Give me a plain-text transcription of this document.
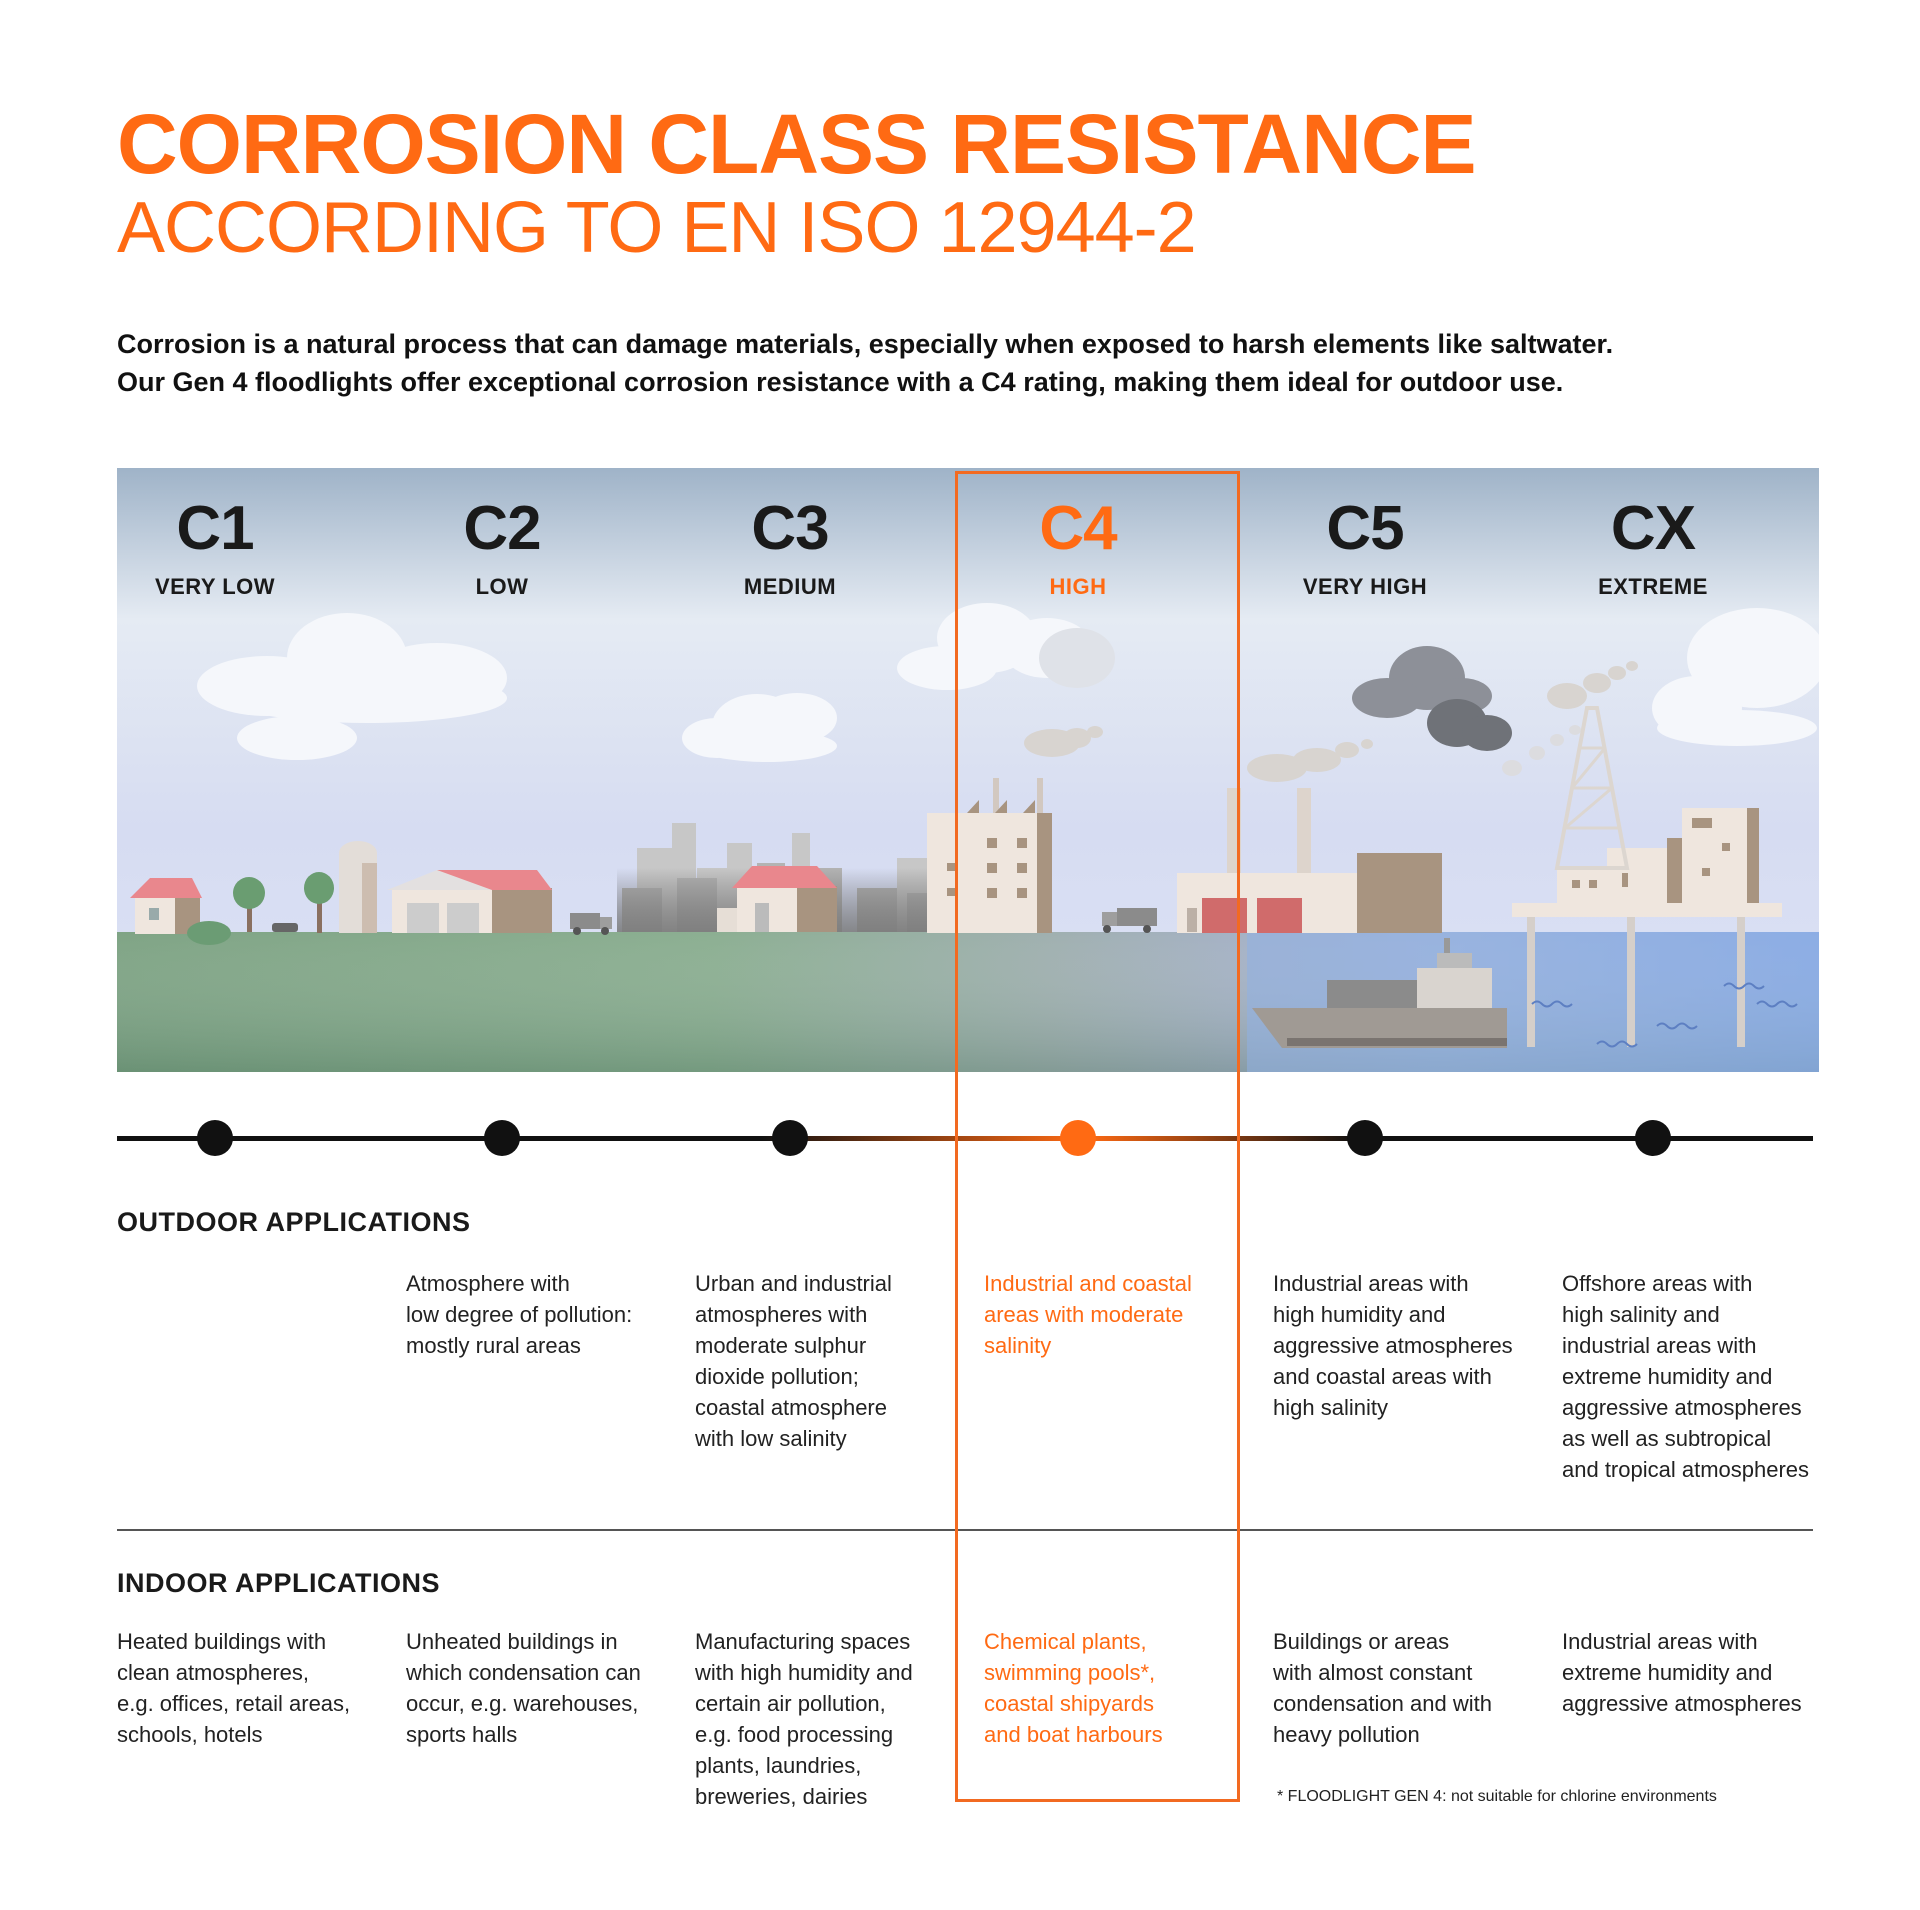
CORROSION CLASS RESISTANCE
ACCORDING TO EN ISO 12944-2

Corrosion is a natural process that can damage materials, especially when exposed to harsh elements like saltwater.

Our Gen 4 floodlights offer exceptional corrosion resistance with a C4 rating, making them ideal for outdoor use.

C1
VERY LOW
C2
LOW
C3
MEDIUM
C4
HIGH
C5
VERY HIGH
CX
EXTREME
OUTDOOR APPLICATIONS
Atmosphere with
low degree of pollution:
mostly rural areas
Urban and industrial
atmospheres with
moderate sulphur
dioxide pollution;
coastal atmosphere
with low salinity
Industrial and coastal
areas with moderate
salinity
Industrial areas with
high humidity and
aggressive atmospheres
and coastal areas with
high salinity
Offshore areas with
high salinity and
industrial areas with
extreme humidity and
aggressive atmospheres
as well as subtropical
and tropical atmospheres
INDOOR APPLICATIONS
Heated buildings with
clean atmospheres,
e.g. offices, retail areas,
schools, hotels
Unheated buildings in
which condensation can
occur, e.g. warehouses,
sports halls
Manufacturing spaces
with high humidity and
certain air pollution,
e.g. food processing
plants, laundries,
breweries, dairies
Chemical plants,
swimming pools*,
coastal shipyards
and boat harbours
Buildings or areas
with almost constant
condensation and with
heavy pollution
Industrial areas with
extreme humidity and
aggressive atmospheres
* FLOODLIGHT GEN 4: not suitable for chlorine environments
